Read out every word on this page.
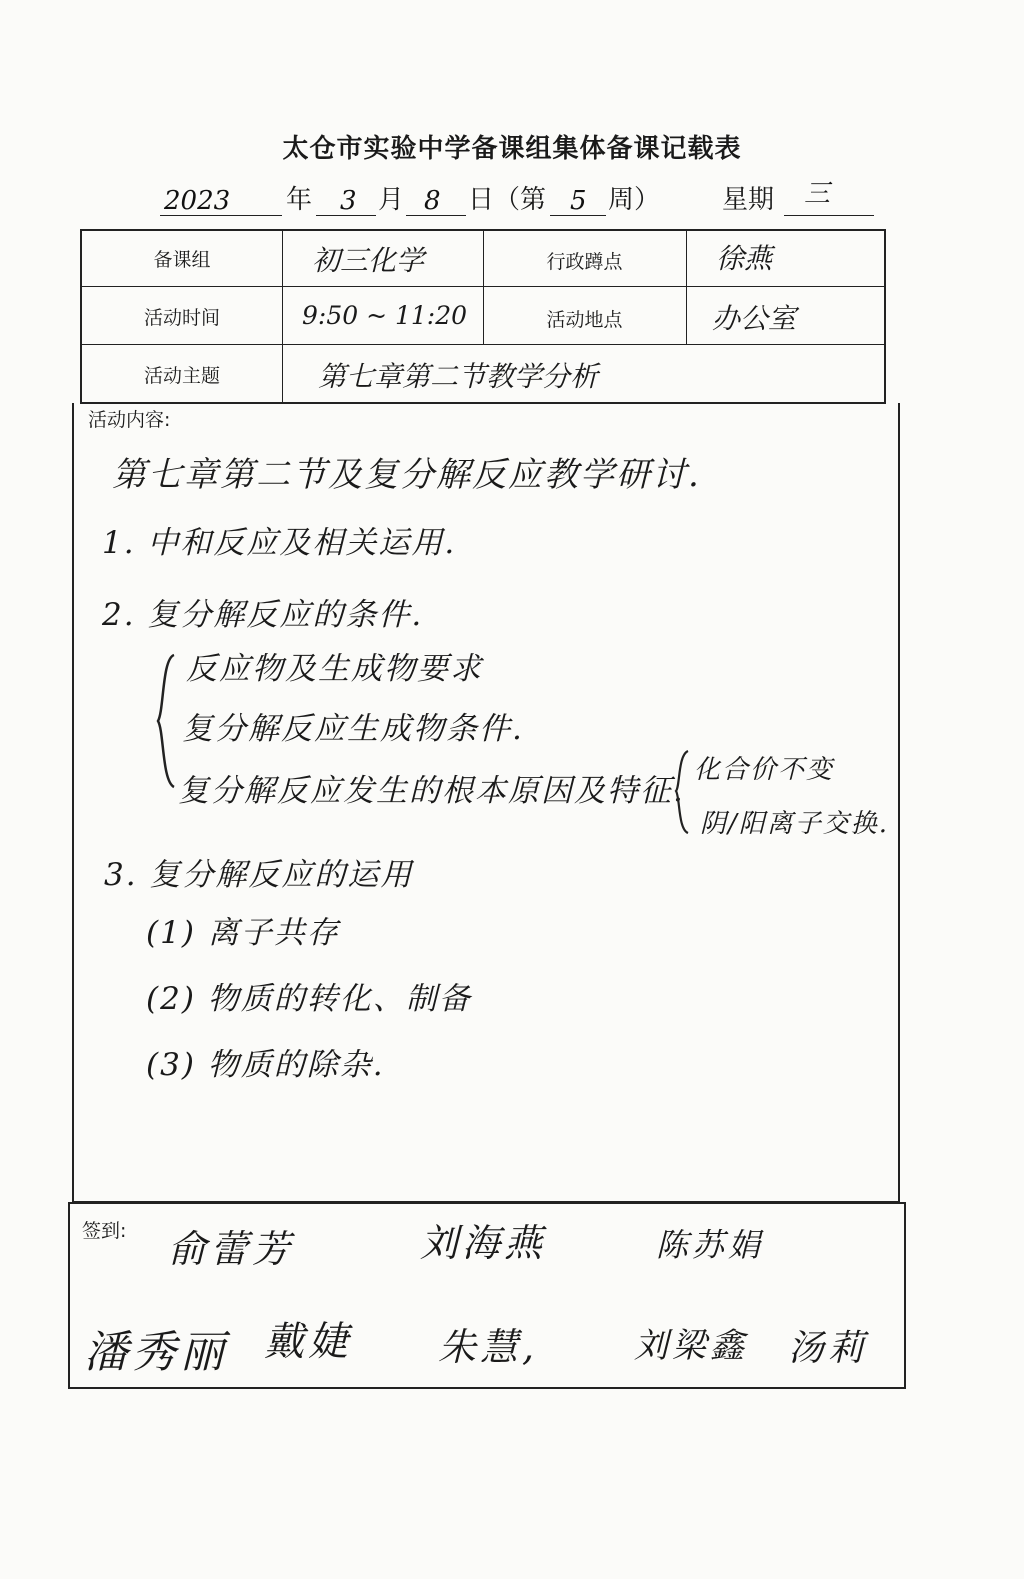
太仓市实验中学备课组集体备课记载表
2023 年 3 月 8 日（第 5 周） 星期 三
备课组	初三化学	行政蹲点	徐燕
活动时间	9:50 ~ 11:20	活动地点	办公室
活动主题	第七章第二节教学分析
活动内容:
第七章第二节及复分解反应教学研讨.
1. 中和反应及相关运用.
2. 复分解反应的条件.
反应物及生成物要求
复分解反应生成物条件.
复分解反应发生的根本原因及特征.
化合价不变
阴/阳离子交换.
3. 复分解反应的运用
(1) 离子共存
(2) 物质的转化、制备
(3) 物质的除杂.
签到: 俞蕾芳	刘海燕	陈苏娟
潘秀丽 戴婕 朱慧,	刘梁鑫 汤莉
